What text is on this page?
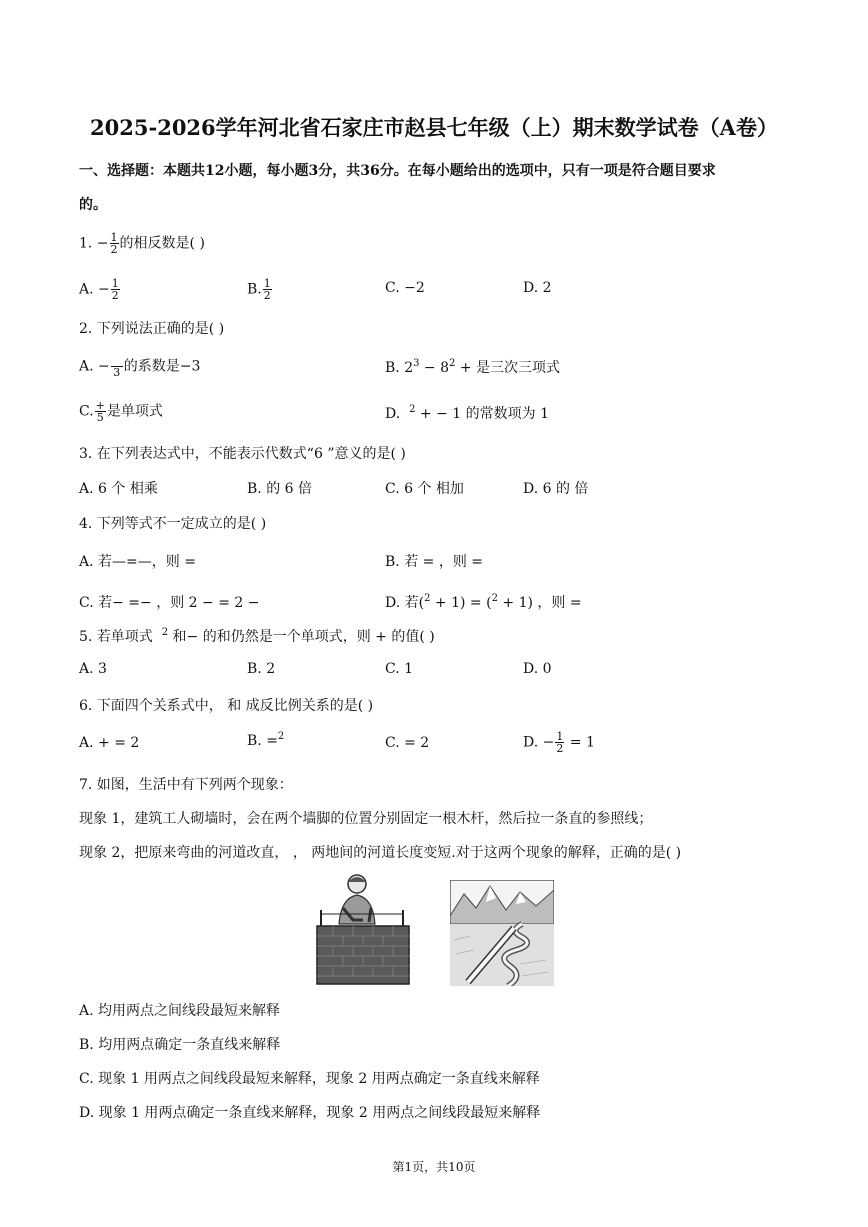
2025-2026学年河北省石家庄市赵县七年级（上）期末数学试卷（A卷）
一、选择题：本题共12小题，每小题3分，共36分。在每小题给出的选项中，只有一项是符合题目要求
的。
1. − $\frac{1}{2}$ 的相反数是( )
A. − $\frac{1}{2}$	B. $\frac{1}{2}$	C. −2	D. 2
2. 下列说法正确的是( )
A. −
3 的系数是−3	B. $2^3 - 8^2$ + 是三次三项式
C. $\frac{+}{5}$ 是单项式	D. $^2$ + − 1 的常数项为 1
3. 在下列表达式中，不能表示代数式“6 ”意义的是( )
A. 6 个 相乘	B. 的 6 倍	C. 6 个 相加	D. 6 的 倍
4. 下列等式不一定成立的是( )
A. 若—=—，则 =	B. 若 = ，则 =
C. 若− =− ，则 2 − = 2 −	D. 若($^2$ + 1) = ($^2$ + 1) ，则 =
5. 若单项式 $^2$ 和− 的和仍然是一个单项式，则 + 的值( )
A. 3	B. 2	C. 1	D. 0
6. 下面四个关系式中， 和 成反比例关系的是( )
A. + = 2	B. =$^2$	C. = 2	D. − $\frac{1}{2} = 1$
7. 如图，生活中有下列两个现象：
现象 1，建筑工人砌墙时，会在两个墙脚的位置分别固定一根木杆，然后拉一条直的参照线；
现象 2，把原来弯曲的河道改直， ， 两地间的河道长度变短.对于这两个现象的解释，正确的是( )
A. 均用两点之间线段最短来解释
B. 均用两点确定一条直线来解释
C. 现象 1 用两点之间线段最短来解释，现象 2 用两点确定一条直线来解释
D. 现象 1 用两点确定一条直线来解释，现象 2 用两点之间线段最短来解释
第1页，共10页
